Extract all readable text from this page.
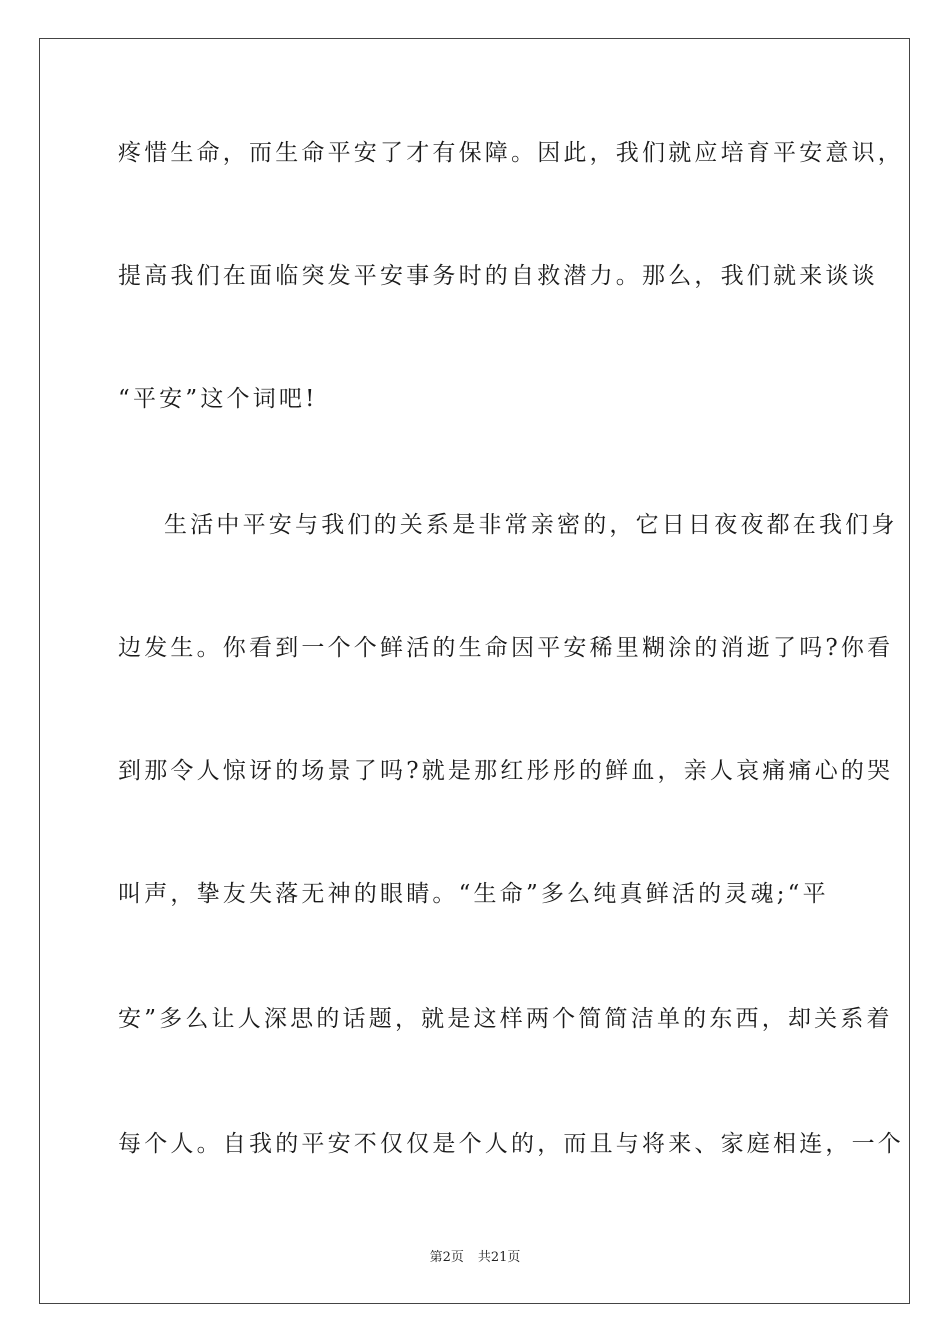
疼惜生命，而生命平安了才有保障。因此，我们就应培育平安意识，
提高我们在面临突发平安事务时的自救潜力。那么，我们就来谈谈
“平安”这个词吧!
生活中平安与我们的关系是非常亲密的，它日日夜夜都在我们身
边发生。你看到一个个鲜活的生命因平安稀里糊涂的消逝了吗?你看
到那令人惊讶的场景了吗?就是那红彤彤的鲜血，亲人哀痛痛心的哭
叫声，挚友失落无神的眼睛。“生命”多么纯真鲜活的灵魂;“平
安”多么让人深思的话题，就是这样两个简简洁单的东西，却关系着
每个人。自我的平安不仅仅是个人的，而且与将来、家庭相连，一个
第2页 共21页
